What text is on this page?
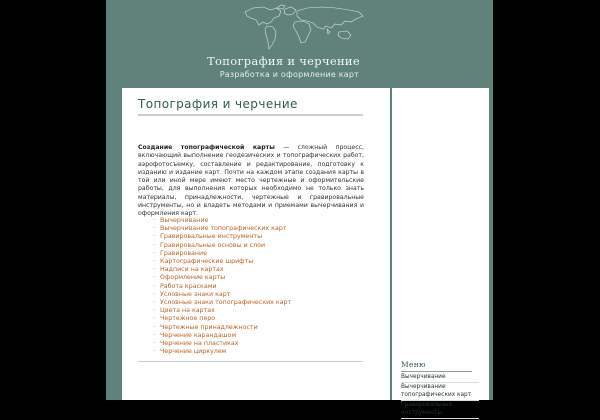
Топография и черчение
Разработка и оформление карт
Топография и черчение
Создание топографической карты — сложный процесс, включающий выполнение геодезических и топографических работ, аэрофотосъемку, составление и редактирование, подготовку к изданию и издание карт. Почти на каждом этапе создания карты в той или иной мере имеют место чертежные и оформительские работы, для выполнения которых необходимо не только знать материалы, принадлежности, чертежные и гравировальные инструменты, но и владеть методами и приемами вычерчивания и оформления карт.
· Вычерчивание
· Вычерчивание топографических карт
· Гравировальные инструменты
· Гравировальные основы и слои
· Гравирование
· Картографические шрифты
· Надписи на картах
· Оформление карты
· Работа красками
· Условные знаки карт
· Условные знаки топографических карт
· Цвета на картах
· Чертежное перо
· Чертежные принадлежности
· Черчение карандашом
· Черчение на пластиках
· Черчение циркулем
Меню
Вычерчивание
Вычерчивание топографических карт
Гравировальные инструменты
